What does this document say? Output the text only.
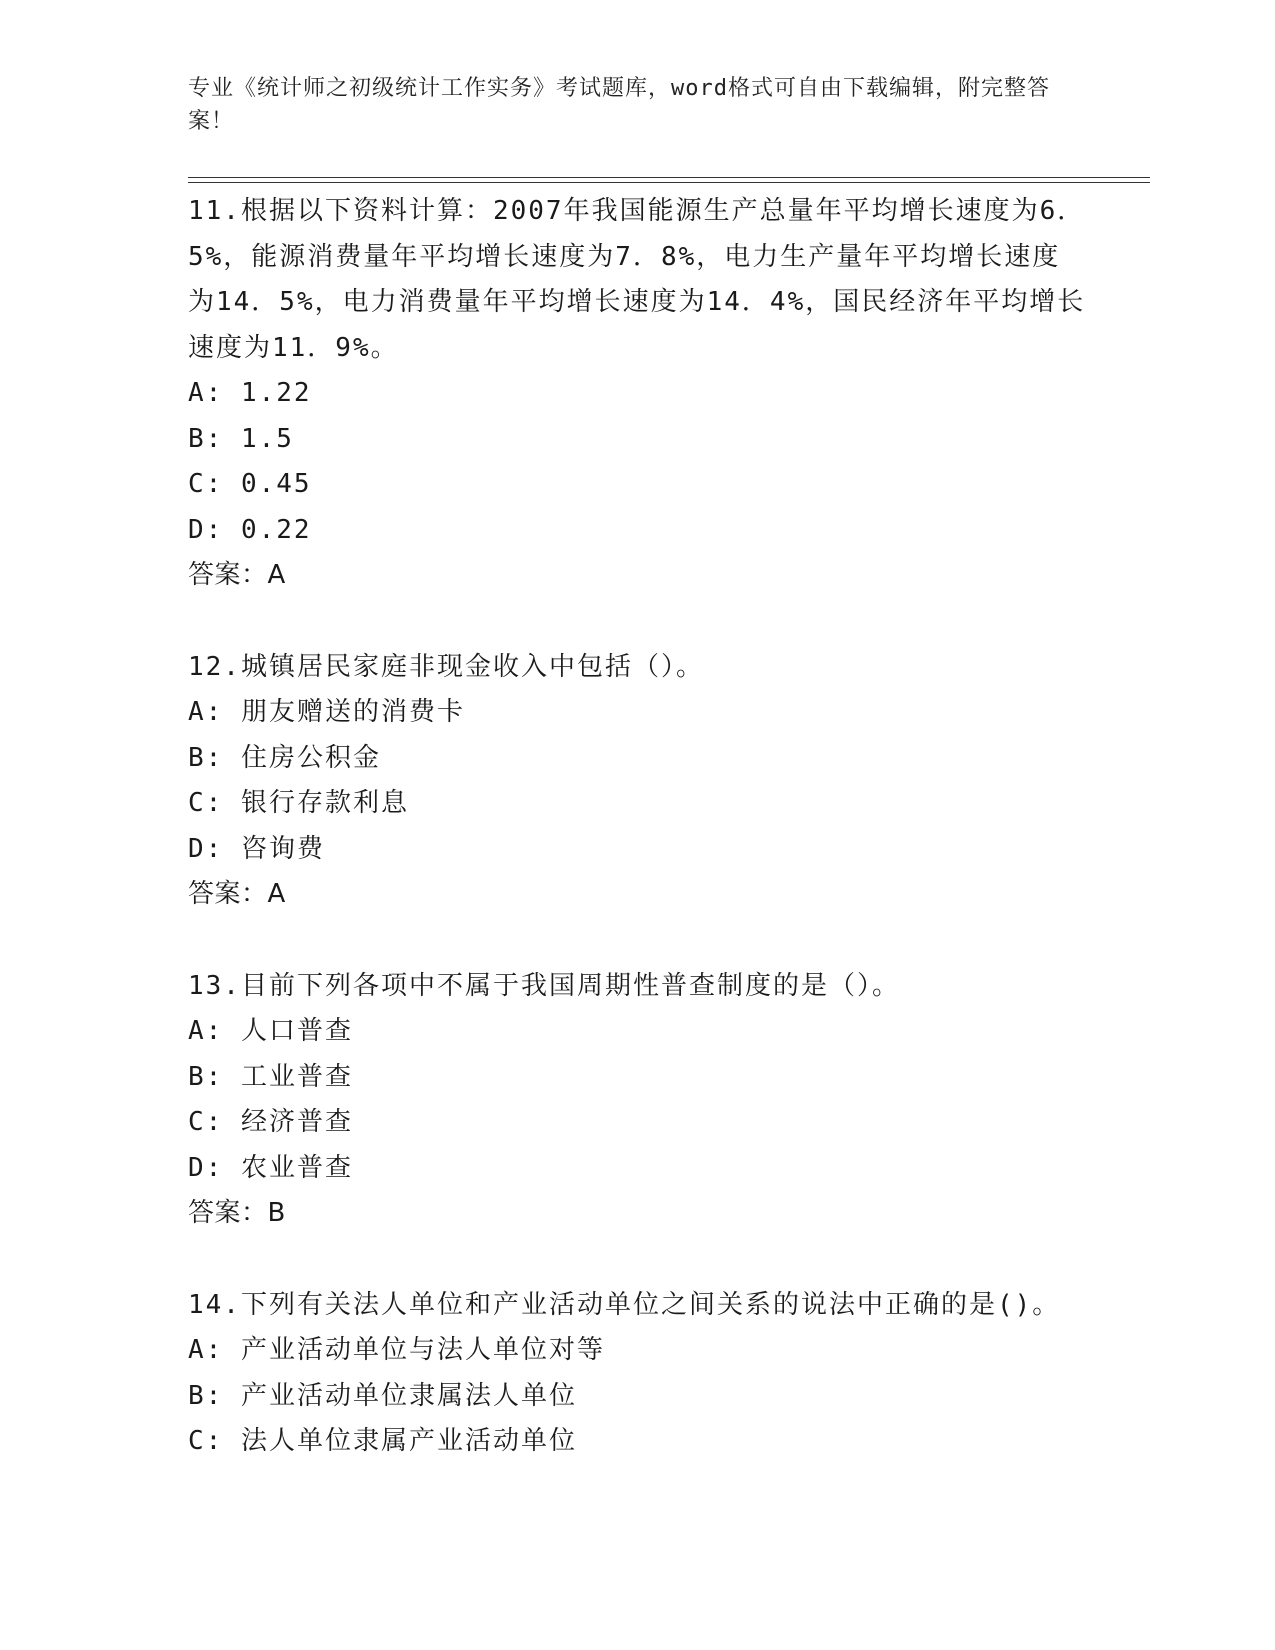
专业《统计师之初级统计工作实务》考试题库，word格式可自由下载编辑，附完整答案！
11.根据以下资料计算：2007年我国能源生产总量年平均增长速度为6．5%，能源消费量年平均增长速度为7．8%，电力生产量年平均增长速度为14．5%，电力消费量年平均增长速度为14．4%，国民经济年平均增长速度为11．9%。
A: 1.22
B: 1.5
C: 0.45
D: 0.22
答案：A
12.城镇居民家庭非现金收入中包括（）。
A: 朋友赠送的消费卡
B: 住房公积金
C: 银行存款利息
D: 咨询费
答案：A
13.目前下列各项中不属于我国周期性普查制度的是（）。
A: 人口普查
B: 工业普查
C: 经济普查
D: 农业普查
答案：B
14.下列有关法人单位和产业活动单位之间关系的说法中正确的是()。
A: 产业活动单位与法人单位对等
B: 产业活动单位隶属法人单位
C: 法人单位隶属产业活动单位
